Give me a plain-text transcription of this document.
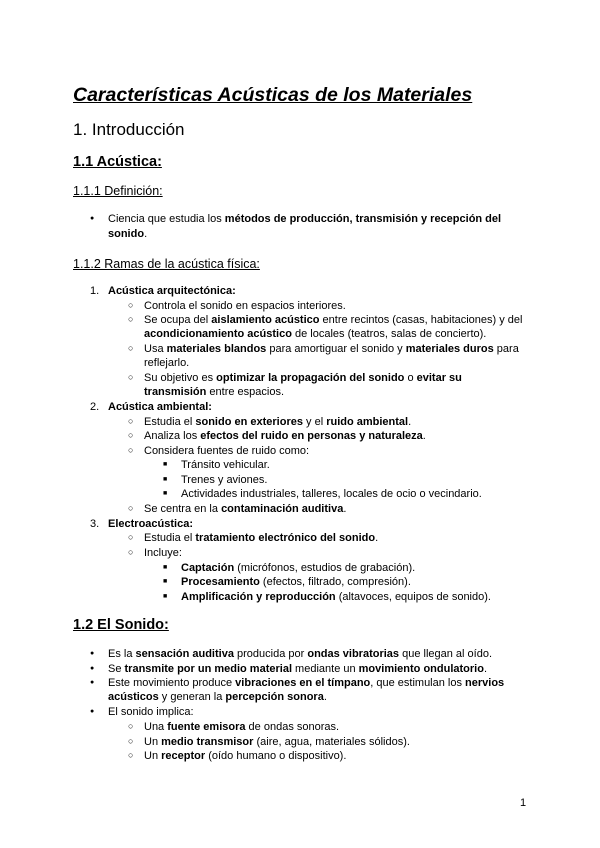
Características Acústicas de los Materiales
1. Introducción
1.1 Acústica:
1.1.1 Definición:
●
Ciencia que estudia los métodos de producción, transmisión y recepción del
sonido.
1.1.2 Ramas de la acústica física:
1. Acústica arquitectónica:
○
Controla el sonido en espacios interiores.
○
Se ocupa del aislamiento acústico entre recintos (casas, habitaciones) y del
acondicionamiento acústico de locales (teatros, salas de concierto).
○
Usa materiales blandos para amortiguar el sonido y materiales duros para
reflejarlo.
○
Su objetivo es optimizar la propagación del sonido o evitar su
transmisión entre espacios.
2. Acústica ambiental:
○
Estudia el sonido en exteriores y el ruido ambiental.
○
Analiza los efectos del ruido en personas y naturaleza.
○
Considera fuentes de ruido como:
■
Tránsito vehicular.
■
Trenes y aviones.
■
Actividades industriales, talleres, locales de ocio o vecindario.
○
Se centra en la contaminación auditiva.
3. Electroacústica:
○
Estudia el tratamiento electrónico del sonido.
○
Incluye:
■
Captación (micrófonos, estudios de grabación).
■
Procesamiento (efectos, filtrado, compresión).
■
Amplificación y reproducción (altavoces, equipos de sonido).
1.2 El Sonido:
●
Es la sensación auditiva producida por ondas vibratorias que llegan al oído.
●
Se transmite por un medio material mediante un movimiento ondulatorio.
●
Este movimiento produce vibraciones en el tímpano, que estimulan los nervios
acústicos y generan la percepción sonora.
●
El sonido implica:
○
Una fuente emisora de ondas sonoras.
○
Un medio transmisor (aire, agua, materiales sólidos).
○
Un receptor (oído humano o dispositivo).
1
